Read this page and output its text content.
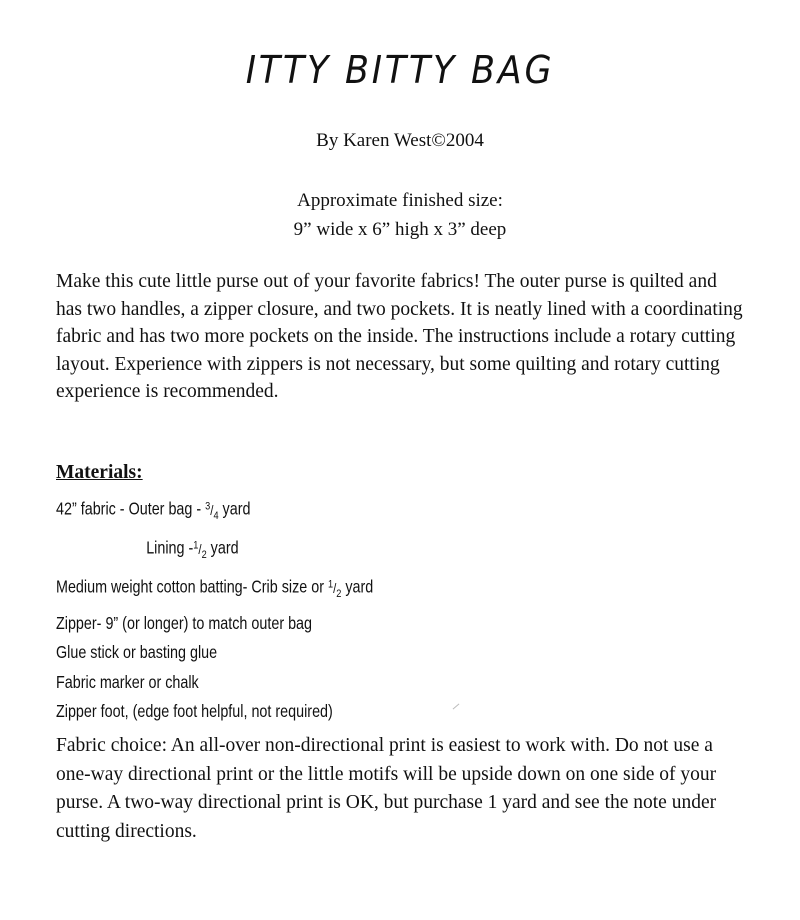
ITTY BITTY BAG
By Karen West©2004
Approximate finished size:
9” wide x 6” high x 3” deep

Make this cute little purse out of your favorite fabrics! The outer purse is quilted and has two handles, a zipper closure, and two pockets. It is neatly lined with a coordinating fabric and has two more pockets on the inside. The instructions include a rotary cutting layout. Experience with zippers is not necessary, but some quilting and rotary cutting experience is recommended.

Materials:
42” fabric - Outer bag - $^3/_4$ yard
Lining $-^1/_2$ yard
Medium weight cotton batting- Crib size or $^1/_2$ yard
Zipper- 9” (or longer) to match outer bag
Glue stick or basting glue
Fabric marker or chalk
Zipper foot, (edge foot helpful, not required)

Fabric choice: An all-over non-directional print is easiest to work with. Do not use a one-way directional print or the little motifs will be upside down on one side of your purse. A two-way directional print is OK, but purchase 1 yard and see the note under cutting directions.
